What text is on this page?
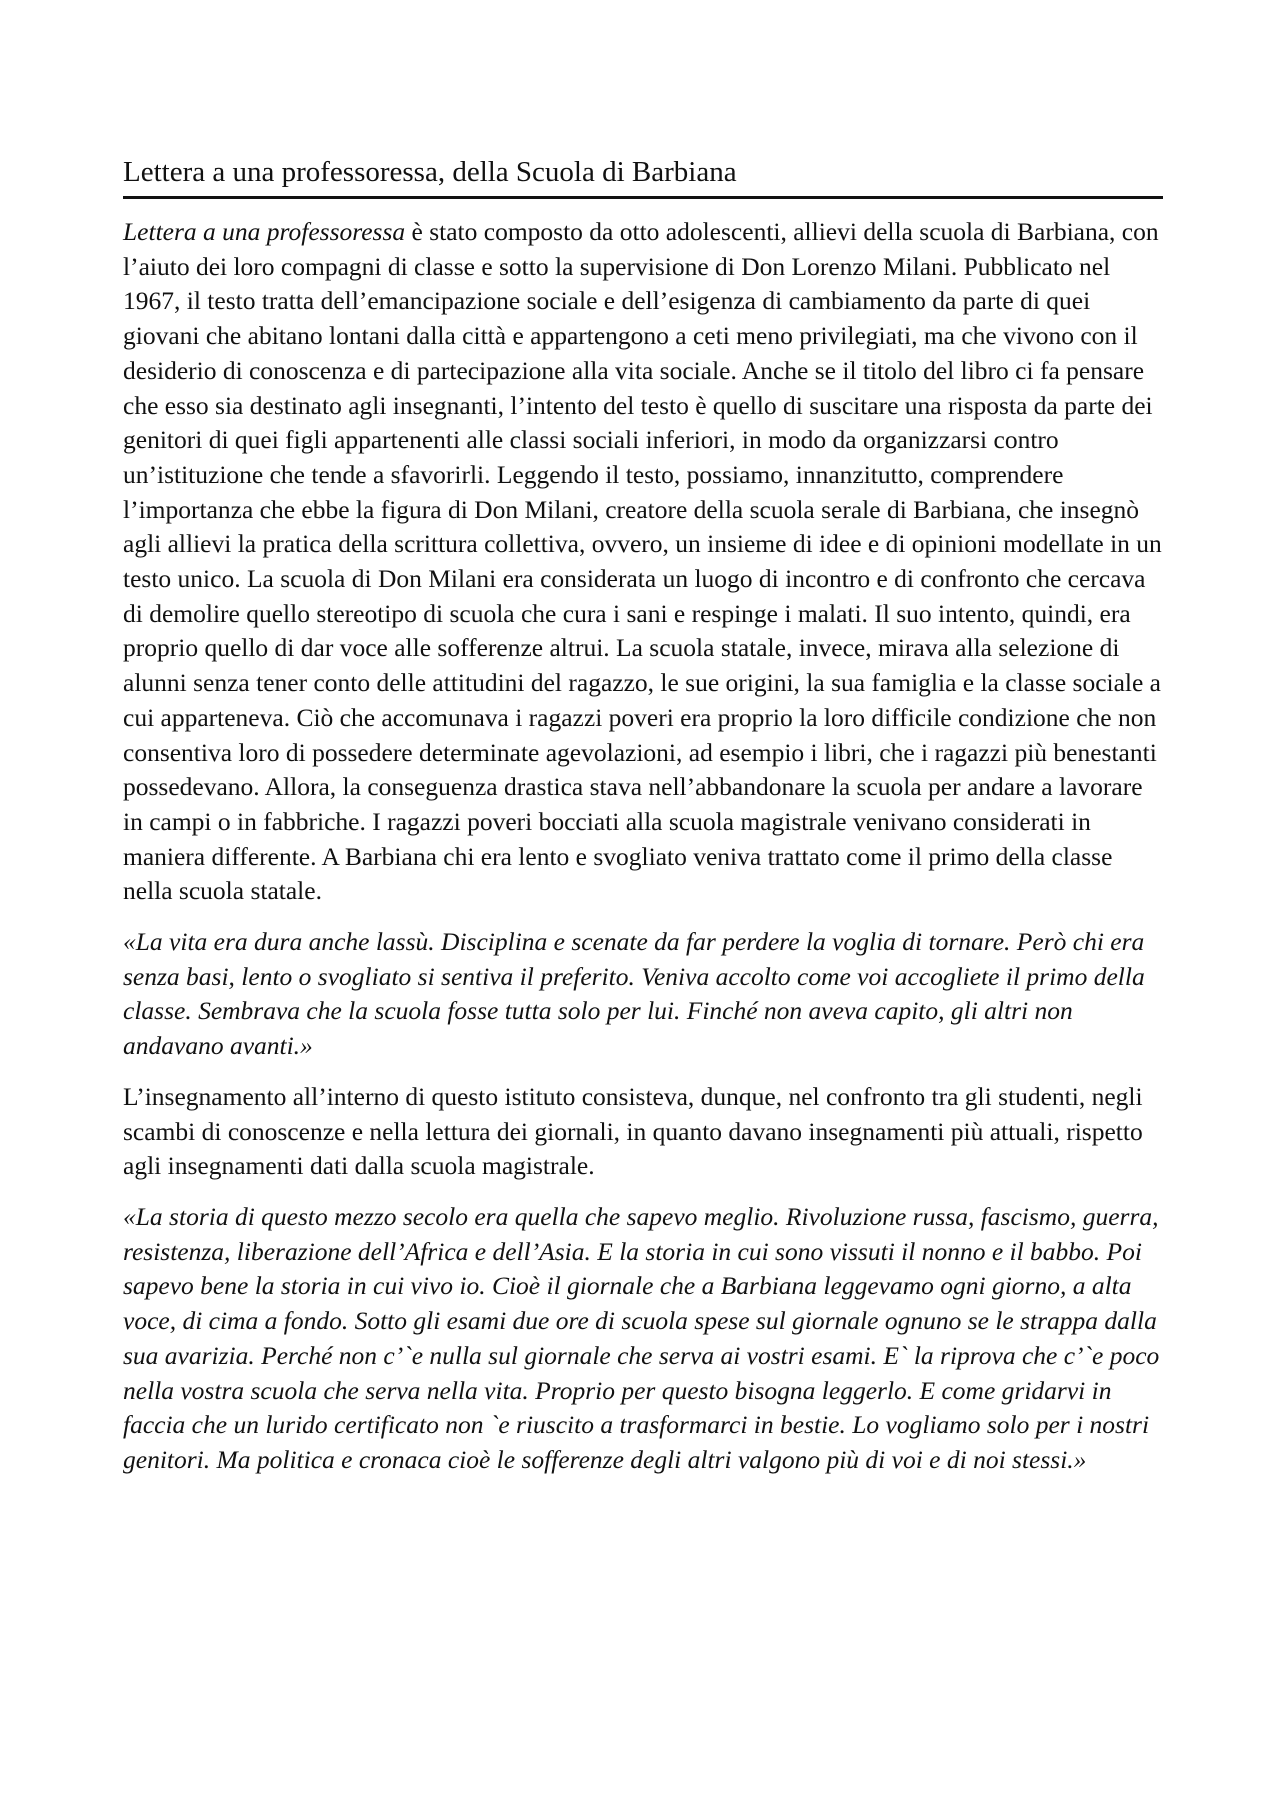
Lettera a una professoressa, della Scuola di Barbiana

Lettera a una professoressa è stato composto da otto adolescenti, allievi della scuola di Barbiana, con l’aiuto dei loro compagni di classe e sotto la supervisione di Don Lorenzo Milani. Pubblicato nel 1967, il testo tratta dell’emancipazione sociale e dell’esigenza di cambiamento da parte di quei giovani che abitano lontani dalla città e appartengono a ceti meno privilegiati, ma che vivono con il desiderio di conoscenza e di partecipazione alla vita sociale. Anche se il titolo del libro ci fa pensare che esso sia destinato agli insegnanti, l’intento del testo è quello di suscitare una risposta da parte dei genitori di quei figli appartenenti alle classi sociali inferiori, in modo da organizzarsi contro un’istituzione che tende a sfavorirli. Leggendo il testo, possiamo, innanzitutto, comprendere l’importanza che ebbe la figura di Don Milani, creatore della scuola serale di Barbiana, che insegnò agli allievi la pratica della scrittura collettiva, ovvero, un insieme di idee e di opinioni modellate in un testo unico. La scuola di Don Milani era considerata un luogo di incontro e di confronto che cercava di demolire quello stereotipo di scuola che cura i sani e respinge i malati. Il suo intento, quindi, era proprio quello di dar voce alle sofferenze altrui. La scuola statale, invece, mirava alla selezione di alunni senza tener conto delle attitudini del ragazzo, le sue origini, la sua famiglia e la classe sociale a cui apparteneva. Ciò che accomunava i ragazzi poveri era proprio la loro difficile condizione che non consentiva loro di possedere determinate agevolazioni, ad esempio i libri, che i ragazzi più benestanti possedevano. Allora, la conseguenza drastica stava nell’abbandonare la scuola per andare a lavorare in campi o in fabbriche. I ragazzi poveri bocciati alla scuola magistrale venivano considerati in maniera differente. A Barbiana chi era lento e svogliato veniva trattato come il primo della classe nella scuola statale.

«La vita era dura anche lassù. Disciplina e scenate da far perdere la voglia di tornare. Però chi era senza basi, lento o svogliato si sentiva il preferito. Veniva accolto come voi accogliete il primo della classe. Sembrava che la scuola fosse tutta solo per lui. Finché non aveva capito, gli altri non andavano avanti.»

L’insegnamento all’interno di questo istituto consisteva, dunque, nel confronto tra gli studenti, negli scambi di conoscenze e nella lettura dei giornali, in quanto davano insegnamenti più attuali, rispetto agli insegnamenti dati dalla scuola magistrale.

«La storia di questo mezzo secolo era quella che sapevo meglio. Rivoluzione russa, fascismo, guerra, resistenza, liberazione dell’Africa e dell’Asia. E la storia in cui sono vissuti il nonno e il babbo. Poi sapevo bene la storia in cui vivo io. Cioè il giornale che a Barbiana leggevamo ogni giorno, a alta voce, di cima a fondo. Sotto gli esami due ore di scuola spese sul giornale ognuno se le strappa dalla sua avarizia. Perché non c’`e nulla sul giornale che serva ai vostri esami. E` la riprova che c’`e poco nella vostra scuola che serva nella vita. Proprio per questo bisogna leggerlo. E come gridarvi in faccia che un lurido certificato non `e riuscito a trasformarci in bestie. Lo vogliamo solo per i nostri genitori. Ma politica e cronaca cioè le sofferenze degli altri valgono più di voi e di noi stessi.»
